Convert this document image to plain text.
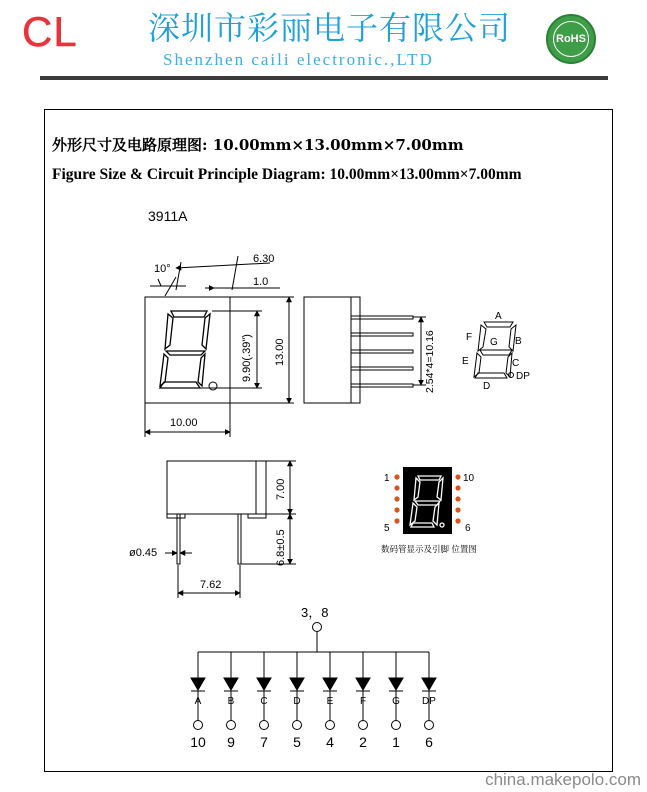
CL 深圳市彩丽电子有限公司
Shenzhen caili electronic.,LTD
RoHS
外形尺寸及电路原理图: 10.00mm×13.00mm×7.00mm
Figure Size & Circuit Principle Diagram: 10.00mm×13.00mm×7.00mm
3911A
6.30
10°
1.0
10.00
9.90(.39") 13.00	2.54*4=10.16
A
B
C
D
E
F G
DP
7.00
6.8±0.5
ø0.45
7.62
1	10
5	6
数码管显示及引脚 位置图
3，8
A
10
B
9
C
7
D
5
E
4
F
2
G
1
DP
6
china.makepolo.com
